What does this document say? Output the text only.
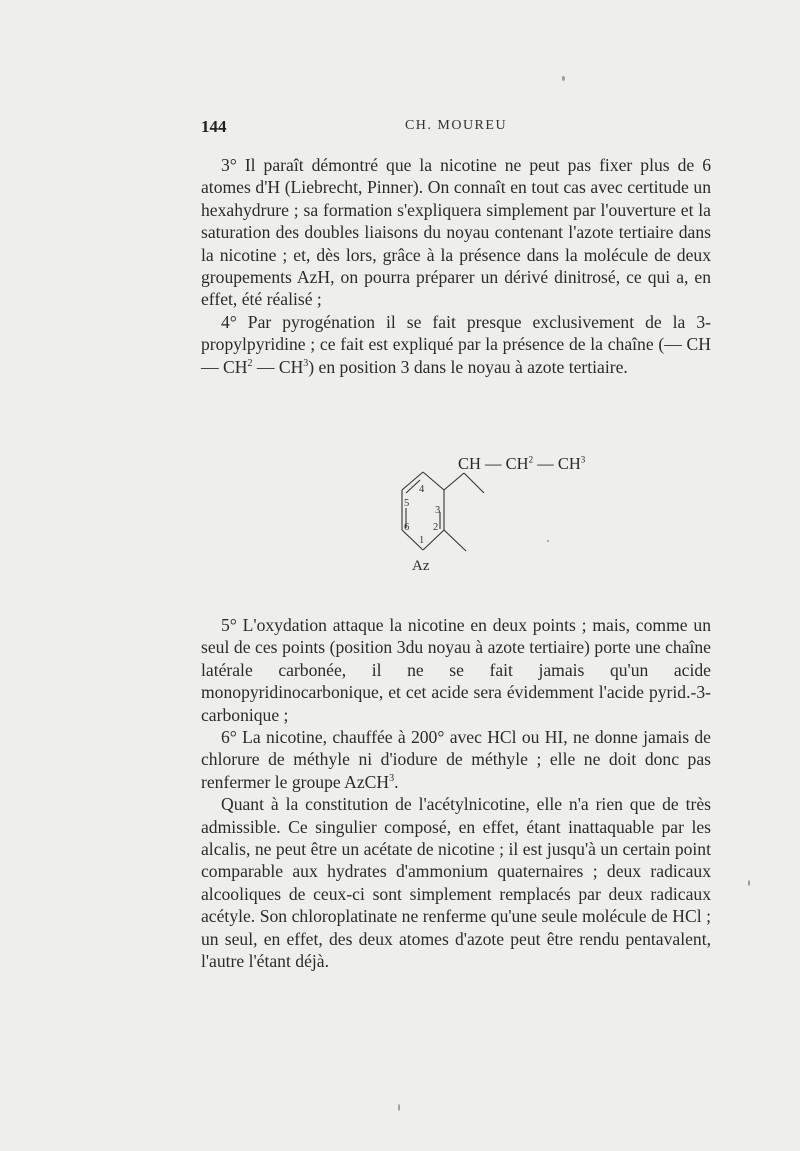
144	CH. MOUREU

3° Il paraît démontré que la nicotine ne peut pas fixer plus de 6 atomes d'H (Liebrecht, Pinner). On connaît en tout cas avec certitude un hexahydrure ; sa formation s'expliquera simplement par l'ouverture et la saturation des doubles liaisons du noyau contenant l'azote tertiaire dans la nicotine ; et, dès lors, grâce à la présence dans la molécule de deux groupements AzH, on pourra préparer un dérivé dinitrosé, ce qui a, en effet, été réalisé ;

4° Par pyrogénation il se fait presque exclusivement de la 3-propylpyridine ; ce fait est expliqué par la présence de la chaîne (— CH — $CH^2$ — $CH^3$) en position 3 dans le noyau à azote tertiaire.

CH — $CH^2$ — $CH^3$
4
5
3
6 2
1
Az

5° L'oxydation attaque la nicotine en deux points ; mais, comme un seul de ces points (position 3du noyau à azote tertiaire) porte une chaîne latérale carbonée, il ne se fait jamais qu'un acide monopyridinocarbonique, et cet acide sera évidemment l'acide pyrid.-3-carbonique ;

6° La nicotine, chauffée à 200° avec HCl ou HI, ne donne jamais de chlorure de méthyle ni d'iodure de méthyle ; elle ne doit donc pas renfermer le groupe AzCH$^3$.

Quant à la constitution de l'acétylnicotine, elle n'a rien que de très admissible. Ce singulier composé, en effet, étant inattaquable par les alcalis, ne peut être un acétate de nicotine ; il est jusqu'à un certain point comparable aux hydrates d'ammonium quaternaires ; deux radicaux alcooliques de ceux-ci sont simplement remplacés par deux radicaux acétyle. Son chloroplatinate ne renferme qu'une seule molécule de HCl ; un seul, en effet, des deux atomes d'azote peut être rendu pentavalent, l'autre l'étant déjà.
